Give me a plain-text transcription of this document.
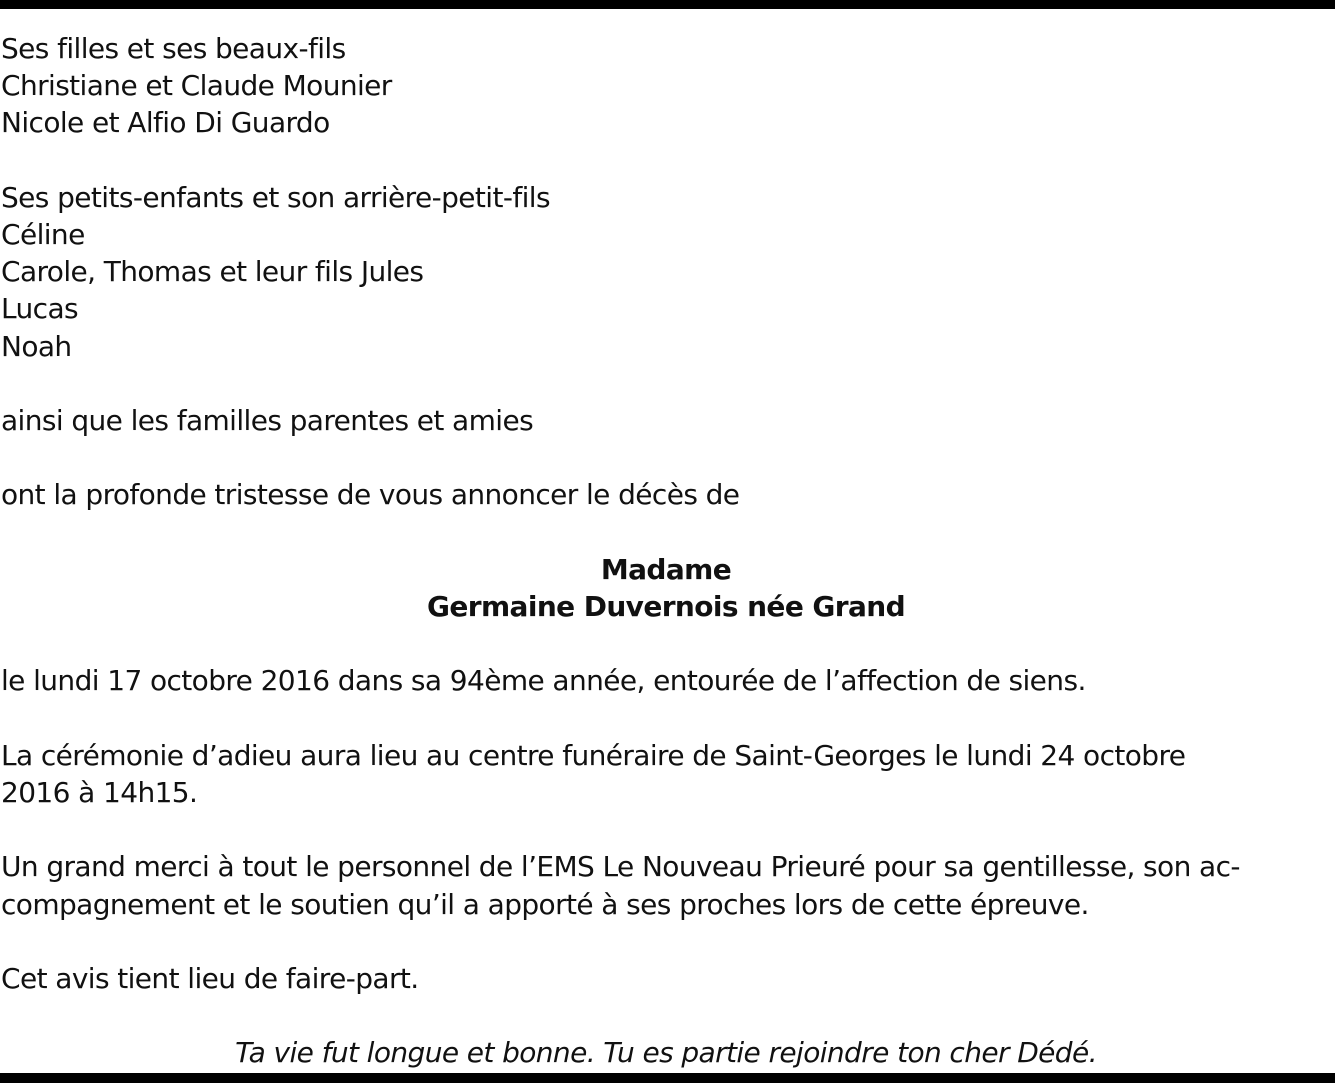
Ses filles et ses beaux-fils
Christiane et Claude Mounier
Nicole et Alfio Di Guardo
Ses petits-enfants et son arrière-petit-fils
Céline
Carole, Thomas et leur fils Jules
Lucas
Noah
ainsi que les familles parentes et amies
ont la profonde tristesse de vous annoncer le décès de
Madame
Germaine Duvernois née Grand
le lundi 17 octobre 2016 dans sa 94ème année, entourée de l’affection de siens.
La cérémonie d’adieu aura lieu au centre funéraire de Saint-Georges le lundi 24 octobre
2016 à 14h15.
Un grand merci à tout le personnel de l’EMS Le Nouveau Prieuré pour sa gentillesse, son ac-
compagnement et le soutien qu’il a apporté à ses proches lors de cette épreuve.
Cet avis tient lieu de faire-part.
Ta vie fut longue et bonne. Tu es partie rejoindre ton cher Dédé.
